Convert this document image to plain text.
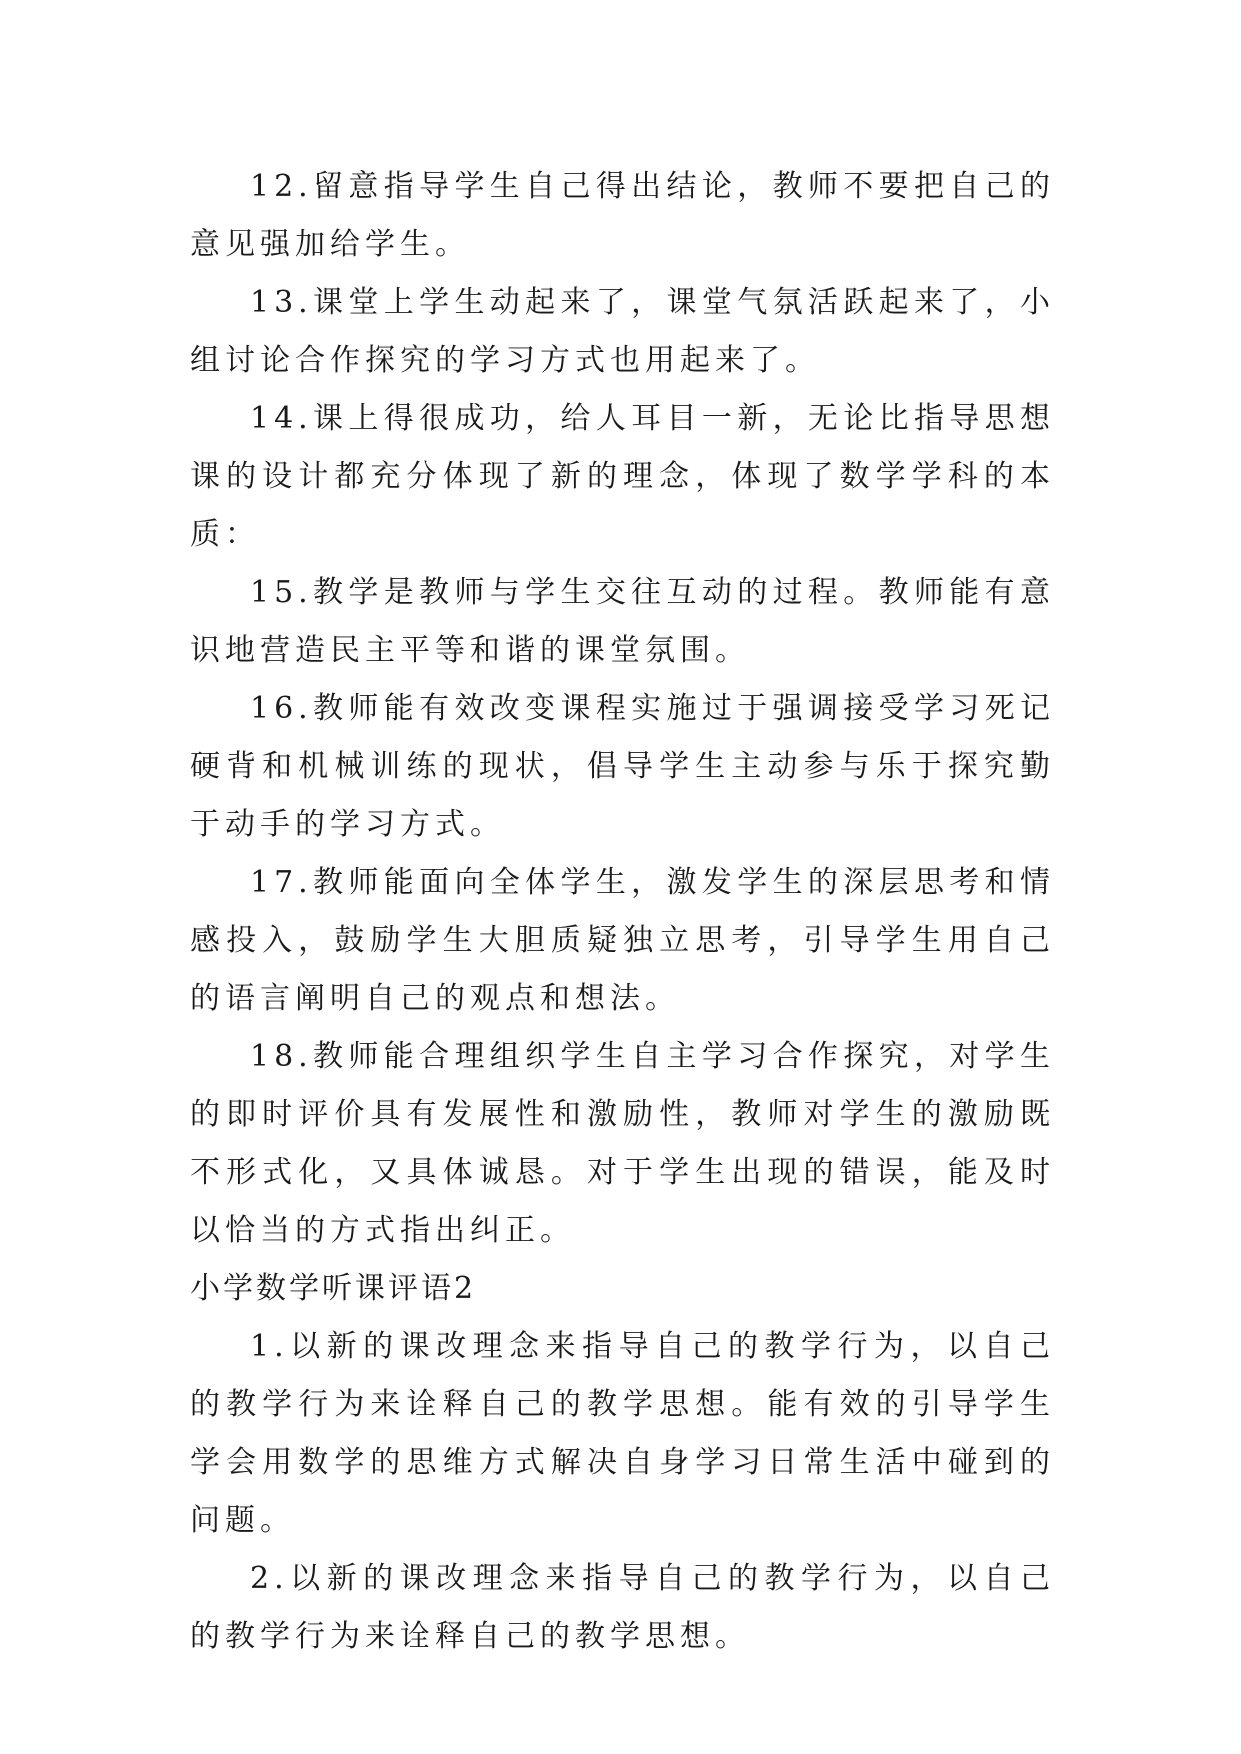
12.留意指导学生自己得出结论，教师不要把自己的意见强加给学生。

13.课堂上学生动起来了，课堂气氛活跃起来了，小组讨论合作探究的学习方式也用起来了。

14.课上得很成功，给人耳目一新，无论比指导思想课的设计都充分体现了新的理念，体现了数学学科的本质：

15.教学是教师与学生交往互动的过程。教师能有意识地营造民主平等和谐的课堂氛围。

16.教师能有效改变课程实施过于强调接受学习死记硬背和机械训练的现状，倡导学生主动参与乐于探究勤于动手的学习方式。

17.教师能面向全体学生，激发学生的深层思考和情感投入，鼓励学生大胆质疑独立思考，引导学生用自己的语言阐明自己的观点和想法。

18.教师能合理组织学生自主学习合作探究，对学生的即时评价具有发展性和激励性，教师对学生的激励既不形式化，又具体诚恳。对于学生出现的错误，能及时以恰当的方式指出纠正。

小学数学听课评语2

1.以新的课改理念来指导自己的教学行为，以自己的教学行为来诠释自己的教学思想。能有效的引导学生学会用数学的思维方式解决自身学习日常生活中碰到的问题。

2.以新的课改理念来指导自己的教学行为，以自己的教学行为来诠释自己的教学思想。
